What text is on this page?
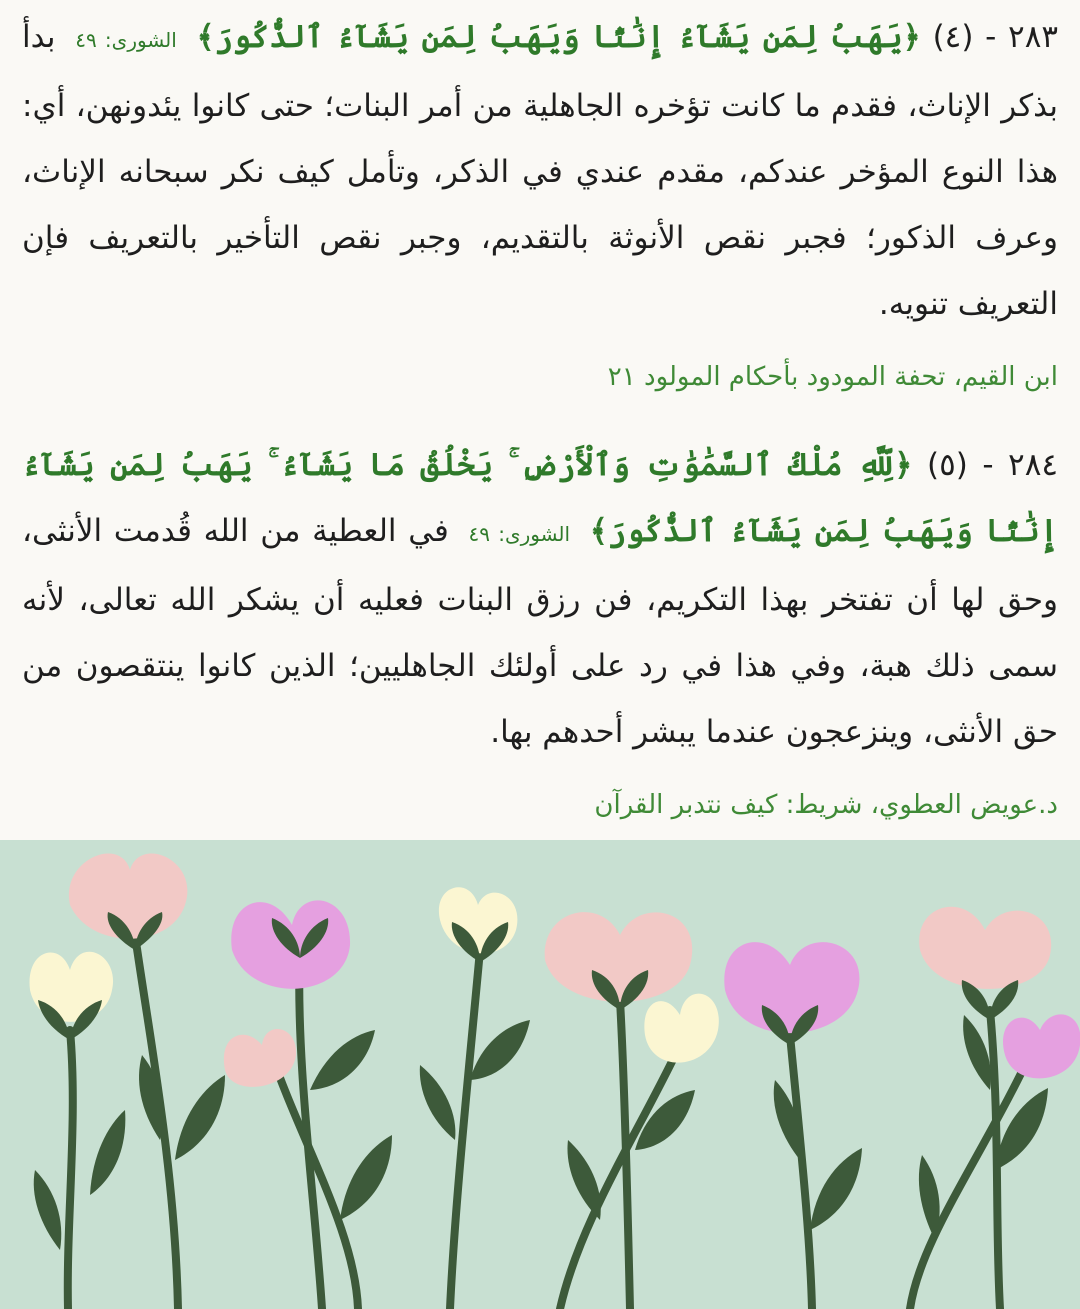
٢٨٣ - (٤) ﴿يَهَبُ لِمَن يَشَآءُ إِنَٰثًا وَيَهَبُ لِمَن يَشَآءُ ٱلذُّكُورَ﴾ الشورى: ٤٩ بدأ بذكر الإناث، فقدم ما كانت تؤخره الجاهلية من أمر البنات؛ حتى كانوا يئدونهن، أي: هذا النوع المؤخر عندكم، مقدم عندي في الذكر، وتأمل كيف نكر سبحانه الإناث، وعرف الذكور؛ فجبر نقص الأنوثة بالتقديم، وجبر نقص التأخير بالتعريف فإن التعريف تنويه.

ابن القيم، تحفة المودود بأحكام المولود ٢١

٢٨٤ - (٥) ﴿لِّلَّهِ مُلْكُ ٱلسَّمَٰوَٰتِ وَٱلْأَرْضِ ۚ يَخْلُقُ مَا يَشَآءُ ۚ يَهَبُ لِمَن يَشَآءُ إِنَٰثًا وَيَهَبُ لِمَن يَشَآءُ ٱلذُّكُورَ﴾ الشورى: ٤٩ في العطية من الله قُدمت الأنثى، وحق لها أن تفتخر بهذا التكريم، فن رزق البنات فعليه أن يشكر الله تعالى، لأنه سمى ذلك هبة، وفي هذا في رد على أولئك الجاهليين؛ الذين كانوا ينتقصون من حق الأنثى، وينزعجون عندما يبشر أحدهم بها.

د.عويض العطوي، شريط: كيف نتدبر القرآن
